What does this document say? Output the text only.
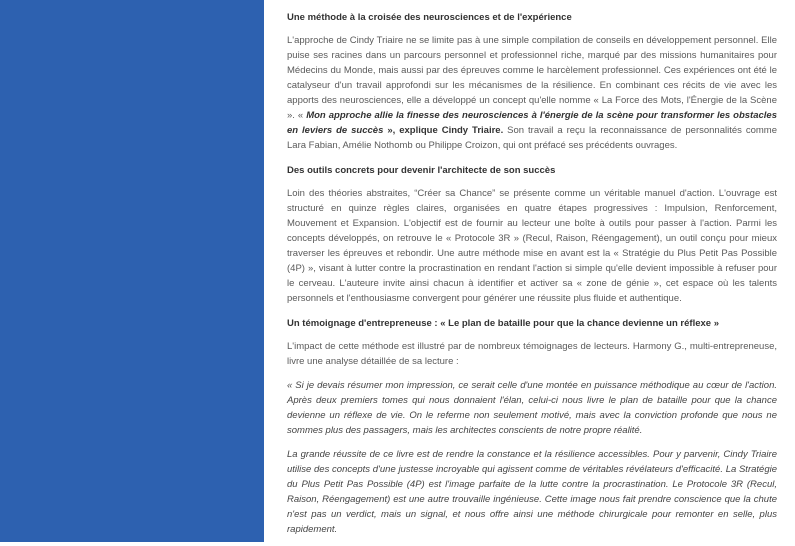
Une méthode à la croisée des neurosciences et de l'expérience

L'approche de Cindy Triaire ne se limite pas à une simple compilation de conseils en développement personnel. Elle puise ses racines dans un parcours personnel et professionnel riche, marqué par des missions humanitaires pour Médecins du Monde, mais aussi par des épreuves comme le harcèlement professionnel. Ces expériences ont été le catalyseur d'un travail approfondi sur les mécanismes de la résilience. En combinant ces récits de vie avec les apports des neurosciences, elle a développé un concept qu'elle nomme « La Force des Mots, l'Énergie de la Scène ». « Mon approche allie la finesse des neurosciences à l'énergie de la scène pour transformer les obstacles en leviers de succès », explique Cindy Triaire. Son travail a reçu la reconnaissance de personnalités comme Lara Fabian, Amélie Nothomb ou Philippe Croizon, qui ont préfacé ses précédents ouvrages.

Des outils concrets pour devenir l'architecte de son succès

Loin des théories abstraites, “Créer sa Chance” se présente comme un véritable manuel d'action. L'ouvrage est structuré en quinze règles claires, organisées en quatre étapes progressives : Impulsion, Renforcement, Mouvement et Expansion. L'objectif est de fournir au lecteur une boîte à outils pour passer à l'action. Parmi les concepts développés, on retrouve le « Protocole 3R » (Recul, Raison, Réengagement), un outil conçu pour mieux traverser les épreuves et rebondir. Une autre méthode mise en avant est la « Stratégie du Plus Petit Pas Possible (4P) », visant à lutter contre la procrastination en rendant l'action si simple qu'elle devient impossible à refuser pour le cerveau. L'auteure invite ainsi chacun à identifier et activer sa « zone de génie », cet espace où les talents personnels et l'enthousiasme convergent pour générer une réussite plus fluide et authentique.

Un témoignage d'entrepreneuse : « Le plan de bataille pour que la chance devienne un réflexe »

L'impact de cette méthode est illustré par de nombreux témoignages de lecteurs. Harmony G., multi-entrepreneuse, livre une analyse détaillée de sa lecture :

« Si je devais résumer mon impression, ce serait celle d'une montée en puissance méthodique au cœur de l'action. Après deux premiers tomes qui nous donnaient l'élan, celui-ci nous livre le plan de bataille pour que la chance devienne un réflexe de vie. On le referme non seulement motivé, mais avec la conviction profonde que nous ne sommes plus des passagers, mais les architectes conscients de notre propre réalité.

La grande réussite de ce livre est de rendre la constance et la résilience accessibles. Pour y parvenir, Cindy Triaire utilise des concepts d'une justesse incroyable qui agissent comme de véritables révélateurs d'efficacité. La Stratégie du Plus Petit Pas Possible (4P) est l'image parfaite de la lutte contre la procrastination. Le Protocole 3R (Recul, Raison, Réengagement) est une autre trouvaille ingénieuse. Cette image nous fait prendre conscience que la chute n'est pas un verdict, mais un signal, et nous offre ainsi une méthode chirurgicale pour remonter en selle, plus rapidement.
